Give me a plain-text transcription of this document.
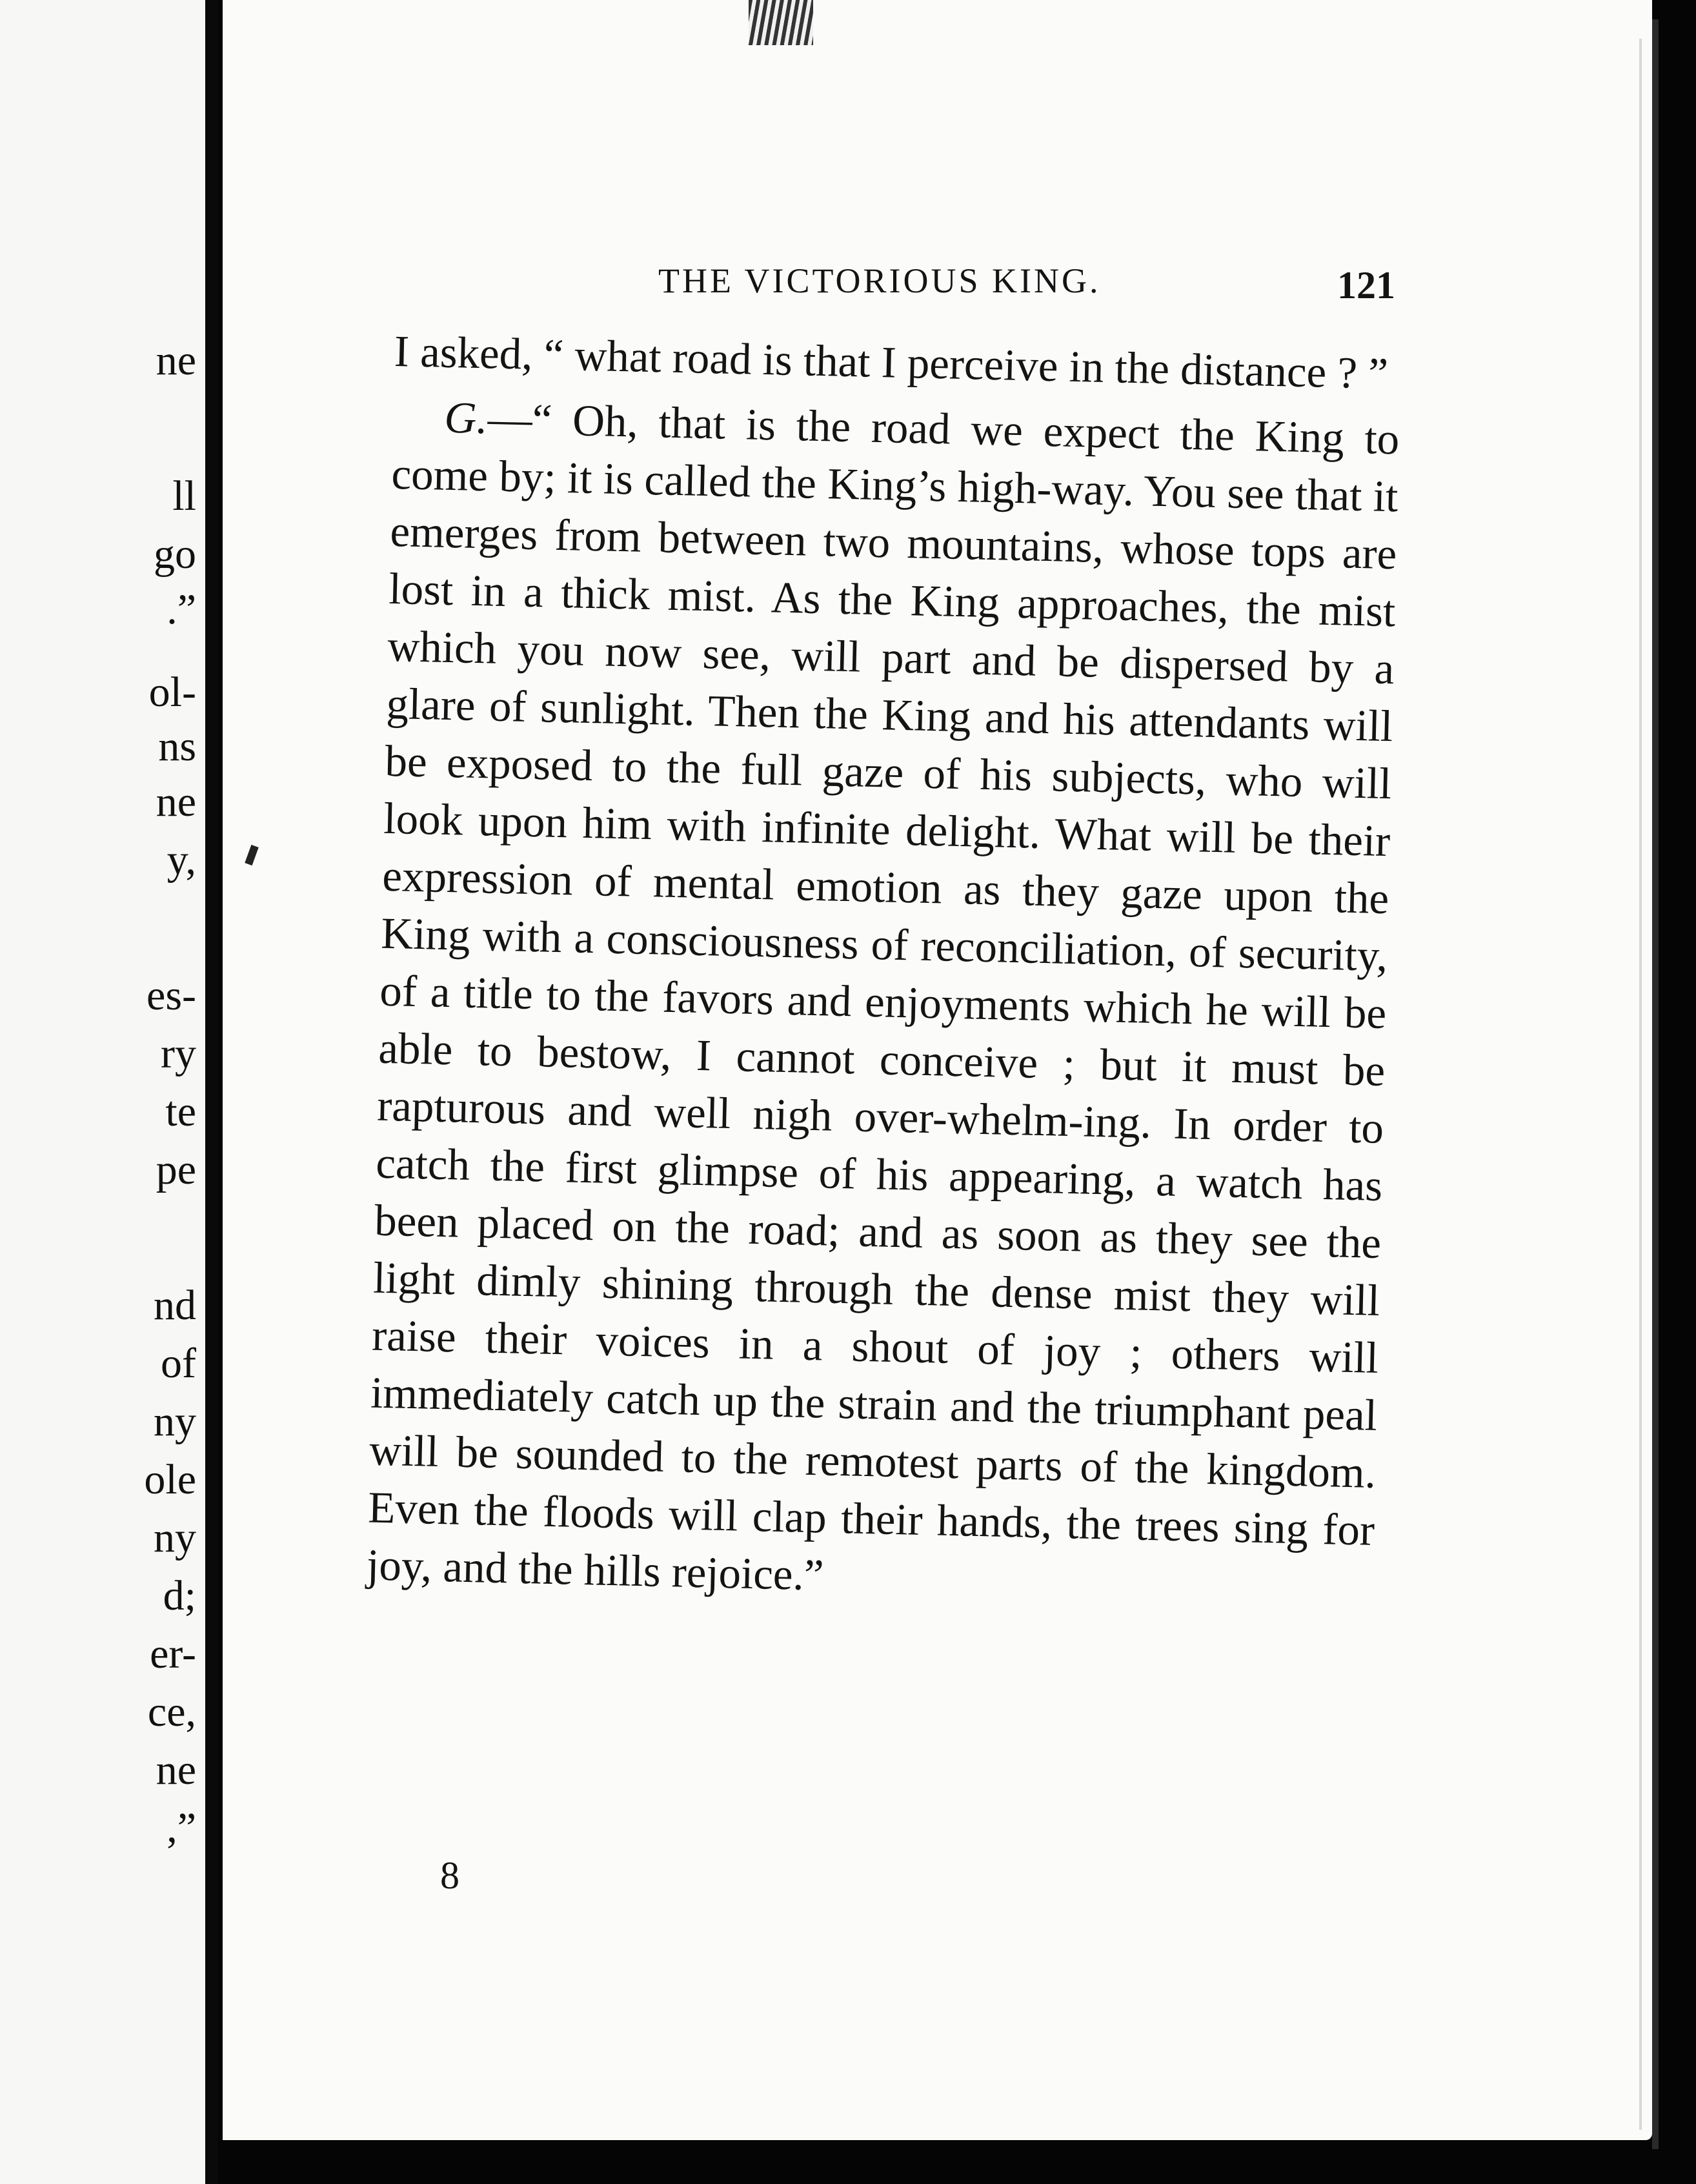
ne
ll
go
.”
ol-
ns
ne
y,
es-
ry
te
pe
nd
of
ny
ole
ny
d;
er-
ce,
ne
,”
THE VICTORIOUS KING.	121

I asked, “ what road is that I perceive in the distance ? ”

G.—“ Oh, that is the road we expect the King to come by; it is called the King’s high-way. You see that it emerges from between two mountains, whose tops are lost in a thick mist. As the King approaches, the mist which you now see, will part and be dispersed by a glare of sunlight. Then the King and his attendants will be exposed to the full gaze of his subjects, who will look upon him with infinite delight. What will be their expression of mental emotion as they gaze upon the King with a consciousness of reconciliation, of security, of a title to the favors and enjoyments which he will be able to bestow, I cannot conceive ; but it must be rapturous and well nigh over-whelm-ing. In order to catch the first glimpse of his appearing, a watch has been placed on the road; and as soon as they see the light dimly shining through the dense mist they will raise their voices in a shout of joy ; others will immediately catch up the strain and the triumphant peal will be sounded to the remotest parts of the kingdom. Even the floods will clap their hands, the trees sing for joy, and the hills rejoice.”

8
